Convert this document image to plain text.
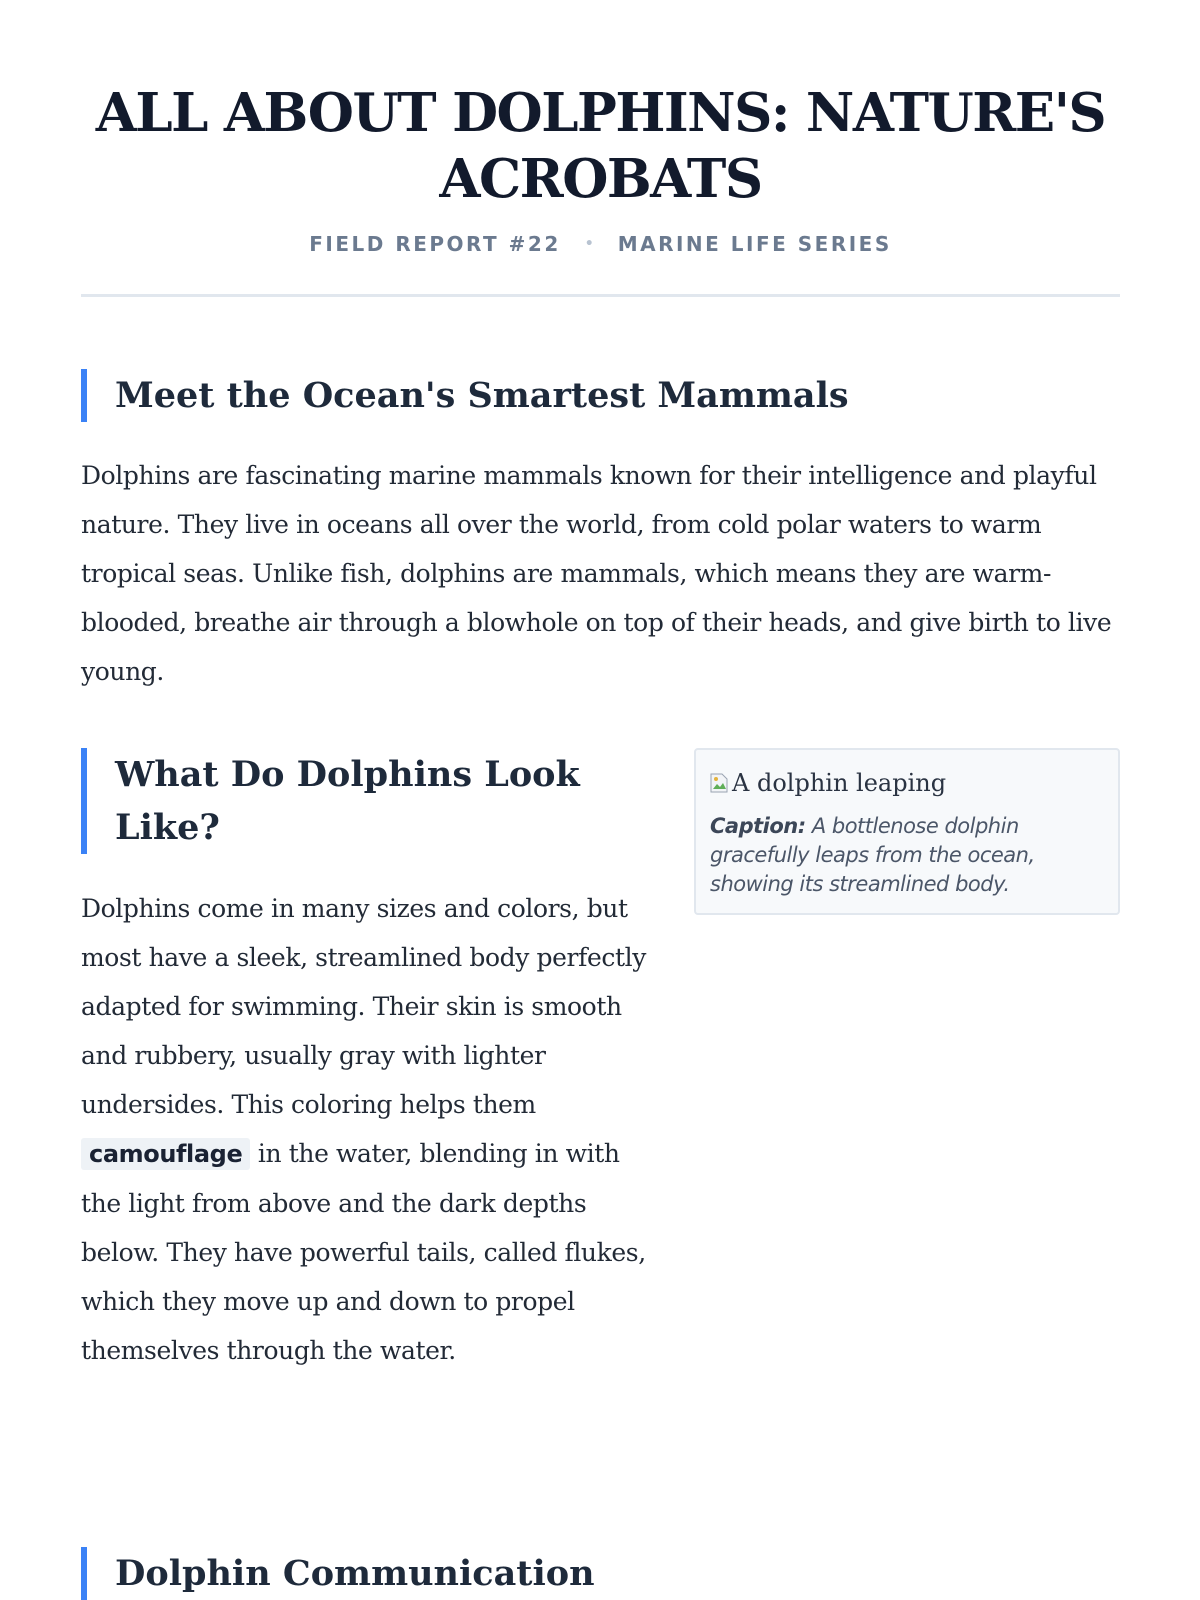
ALL ABOUT DOLPHINS: NATURE'S ACROBATS
FIELD REPORT #22 • MARINE LIFE SERIES
Meet the Ocean's Smartest Mammals

Dolphins are fascinating marine mammals known for their intelligence and playful nature. They live in oceans all over the world, from cold polar waters to warm tropical seas. Unlike fish, dolphins are mammals, which means they are warm-blooded, breathe air through a blowhole on top of their heads, and give birth to live young.

What Do Dolphins Look Like?

Dolphins come in many sizes and colors, but most have a sleek, streamlined body perfectly adapted for swimming. Their skin is smooth and rubbery, usually gray with lighter undersides. This coloring helps them camouflage in the water, blending in with the light from above and the dark depths below. They have powerful tails, called flukes, which they move up and down to propel themselves through the water.

A dolphin leaping
Caption: A bottlenose dolphin gracefully leaps from the ocean, showing its streamlined body.
Dolphin Communication
